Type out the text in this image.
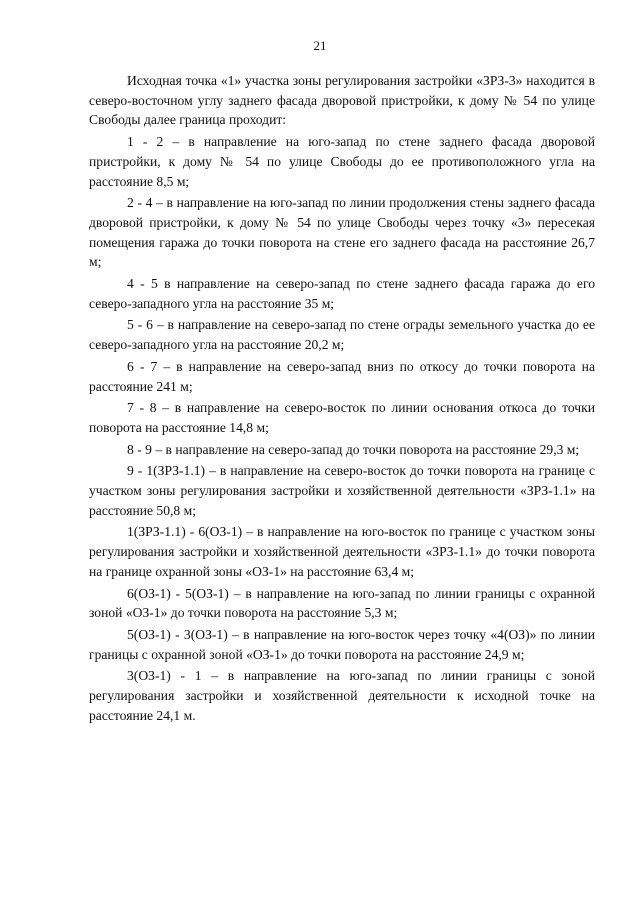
21

Исходная точка «1» участка зоны регулирования застройки «ЗРЗ-3» находится в северо-восточном углу заднего фасада дворовой пристройки, к дому № 54 по улице Свободы далее граница проходит:

1 - 2 – в направление на юго-запад по стене заднего фасада дворовой пристройки, к дому № 54 по улице Свободы до ее противоположного угла на расстояние 8,5 м;

2 - 4 – в направление на юго-запад по линии продолжения стены заднего фасада дворовой пристройки, к дому № 54 по улице Свободы через точку «3» пересекая помещения гаража до точки поворота на стене его заднего фасада на расстояние 26,7 м;

4 - 5 в направление на северо-запад по стене заднего фасада гаража до его северо-западного угла на расстояние 35 м;

5 - 6 – в направление на северо-запад по стене ограды земельного участка до ее северо-западного угла на расстояние 20,2 м;

6 - 7 – в направление на северо-запад вниз по откосу до точки поворота на расстояние 241 м;

7 - 8 – в направление на северо-восток по линии основания откоса до точки поворота на расстояние 14,8 м;

8 - 9 – в направление на северо-запад до точки поворота на расстояние 29,3 м;

9 - 1(ЗРЗ-1.1) – в направление на северо-восток до точки поворота на границе с участком зоны регулирования застройки и хозяйственной деятельности «ЗРЗ-1.1» на расстояние 50,8 м;

1(ЗРЗ-1.1) - 6(ОЗ-1) – в направление на юго-восток по границе с участком зоны регулирования застройки и хозяйственной деятельности «ЗРЗ-1.1» до точки поворота на границе охранной зоны «ОЗ-1» на расстояние 63,4 м;

6(ОЗ-1) - 5(ОЗ-1) – в направление на юго-запад по линии границы с охранной зоной «ОЗ-1» до точки поворота на расстояние 5,3 м;

5(ОЗ-1) - 3(ОЗ-1) – в направление на юго-восток через точку «4(ОЗ)» по линии границы с охранной зоной «ОЗ-1» до точки поворота на расстояние 24,9 м;

3(ОЗ-1) - 1 – в направление на юго-запад по линии границы с зоной регулирования застройки и хозяйственной деятельности к исходной точке на расстояние 24,1 м.
